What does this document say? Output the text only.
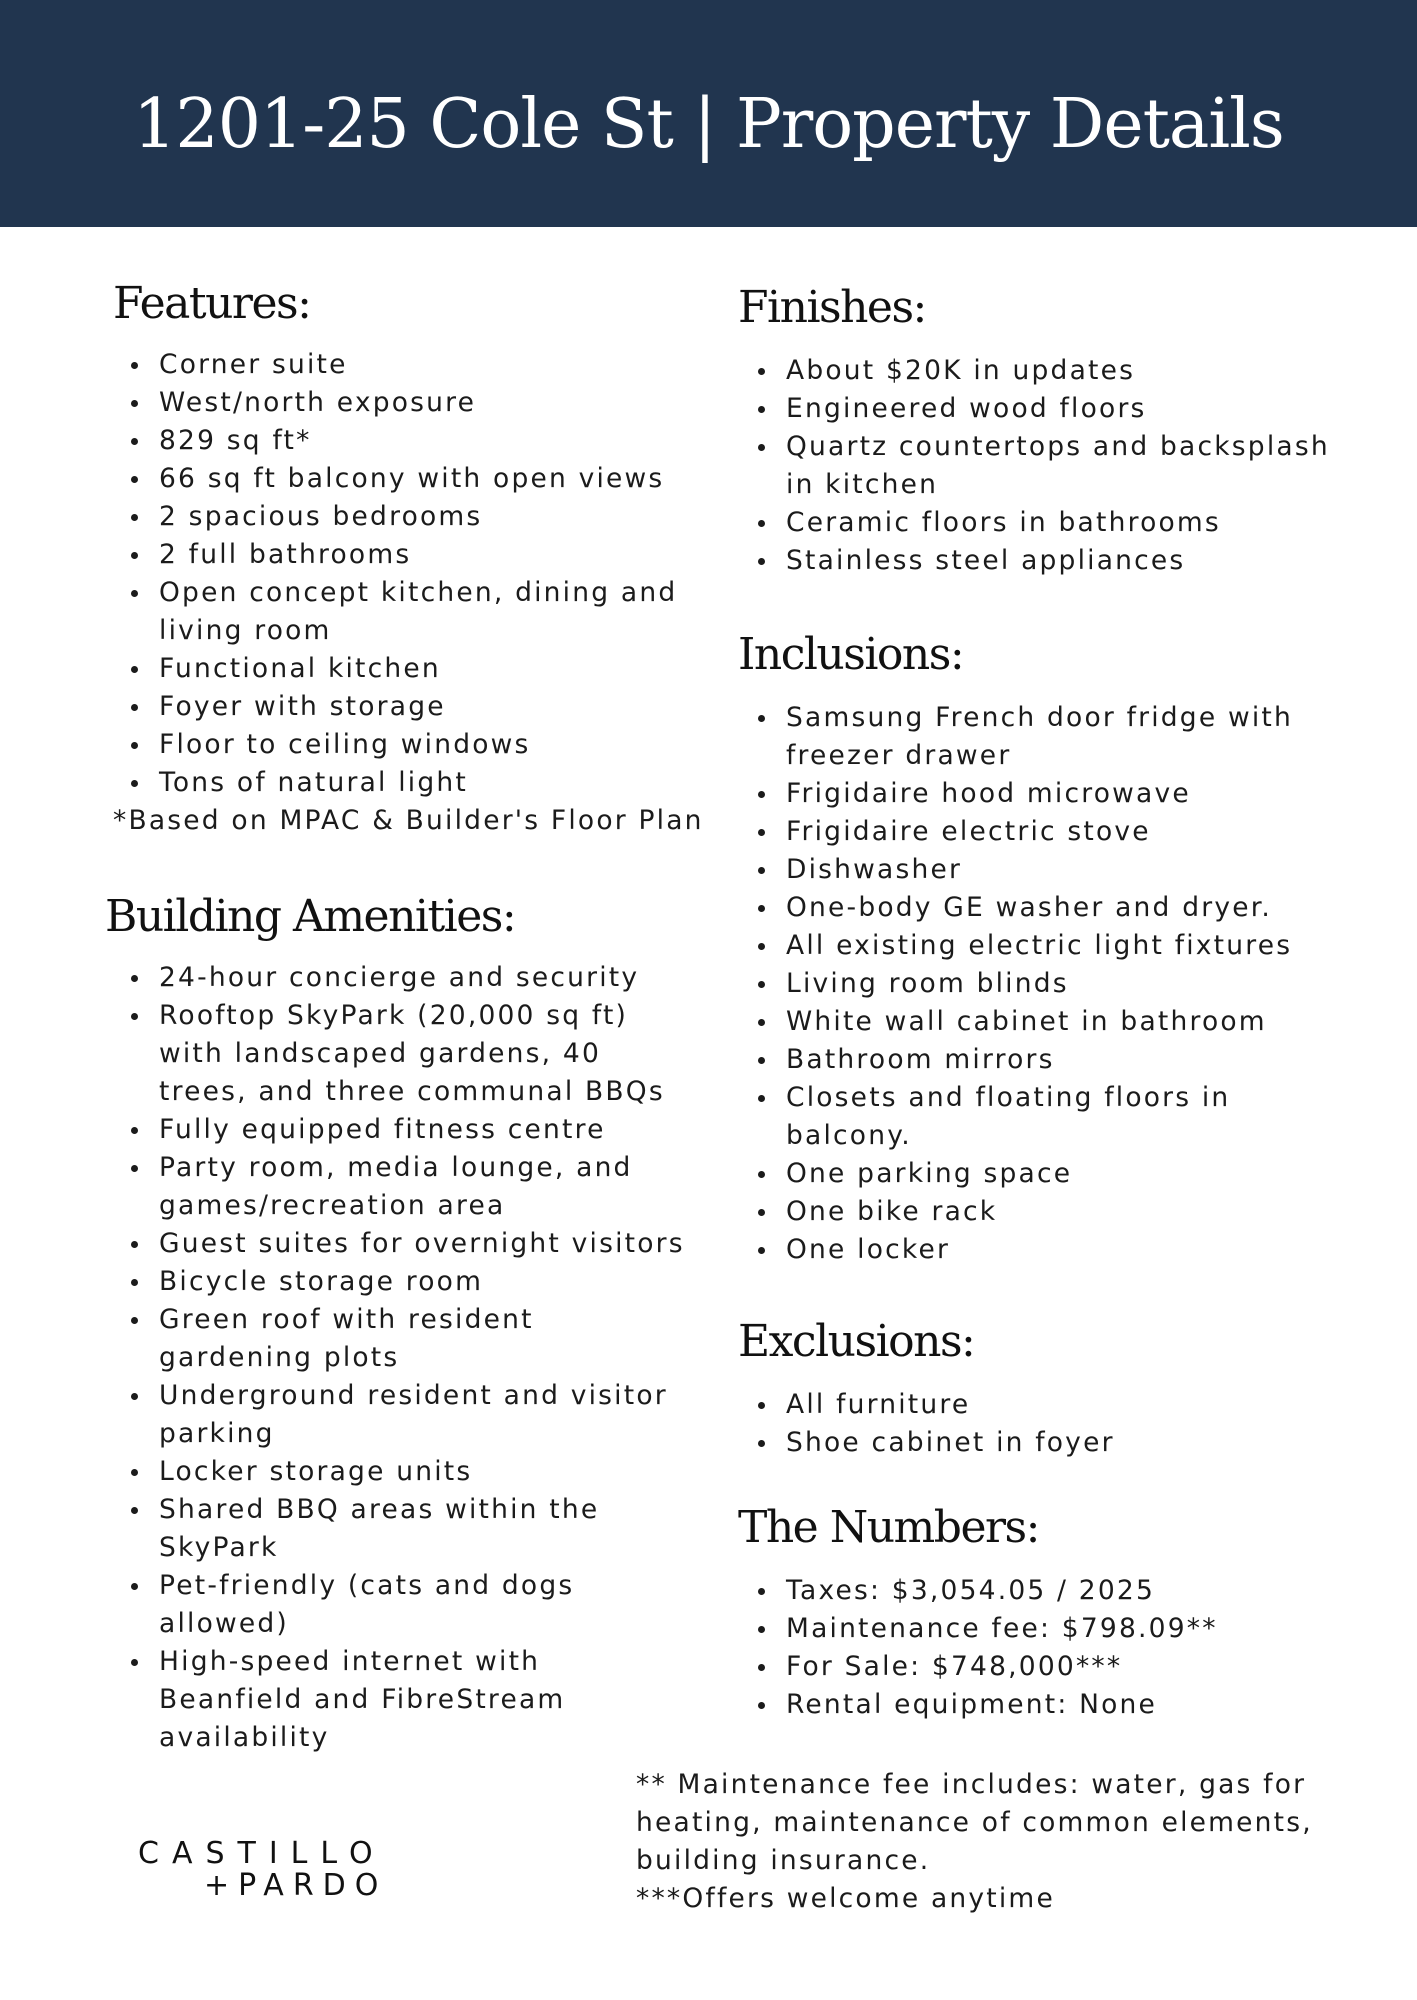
1201-25 Cole St | Property Details
Features:
Corner suite
West/north exposure
829 sq ft*
66 sq ft balcony with open views
2 spacious bedrooms
2 full bathrooms
Open concept kitchen, dining and living room
Functional kitchen
Foyer with storage
Floor to ceiling windows
Tons of natural light
*Based on MPAC & Builder's Floor Plan
Building Amenities:
24-hour concierge and security
Rooftop SkyPark (20,000 sq ft) with landscaped gardens, 40 trees, and three communal BBQs
Fully equipped fitness centre
Party room, media lounge, and games/recreation area
Guest suites for overnight visitors
Bicycle storage room
Green roof with resident gardening plots
Underground resident and visitor parking
Locker storage units
Shared BBQ areas within the SkyPark
Pet-friendly (cats and dogs allowed)
High-speed internet with Beanfield and FibreStream availability
Finishes:
About $20K in updates
Engineered wood floors
Quartz countertops and backsplash in kitchen
Ceramic floors in bathrooms
Stainless steel appliances
Inclusions:
Samsung French door fridge with freezer drawer
Frigidaire hood microwave
Frigidaire electric stove
Dishwasher
One-body GE washer and dryer.
All existing electric light fixtures
Living room blinds
White wall cabinet in bathroom
Bathroom mirrors
Closets and floating floors in balcony.
One parking space
One bike rack
One locker
Exclusions:
All furniture
Shoe cabinet in foyer
The Numbers:
Taxes: $3,054.05 / 2025
Maintenance fee: $798.09**
For Sale: $748,000***
Rental equipment: None
** Maintenance fee includes: water, gas for
heating, maintenance of common elements,
building insurance.
***Offers welcome anytime
CASTILLO
+PARDO
